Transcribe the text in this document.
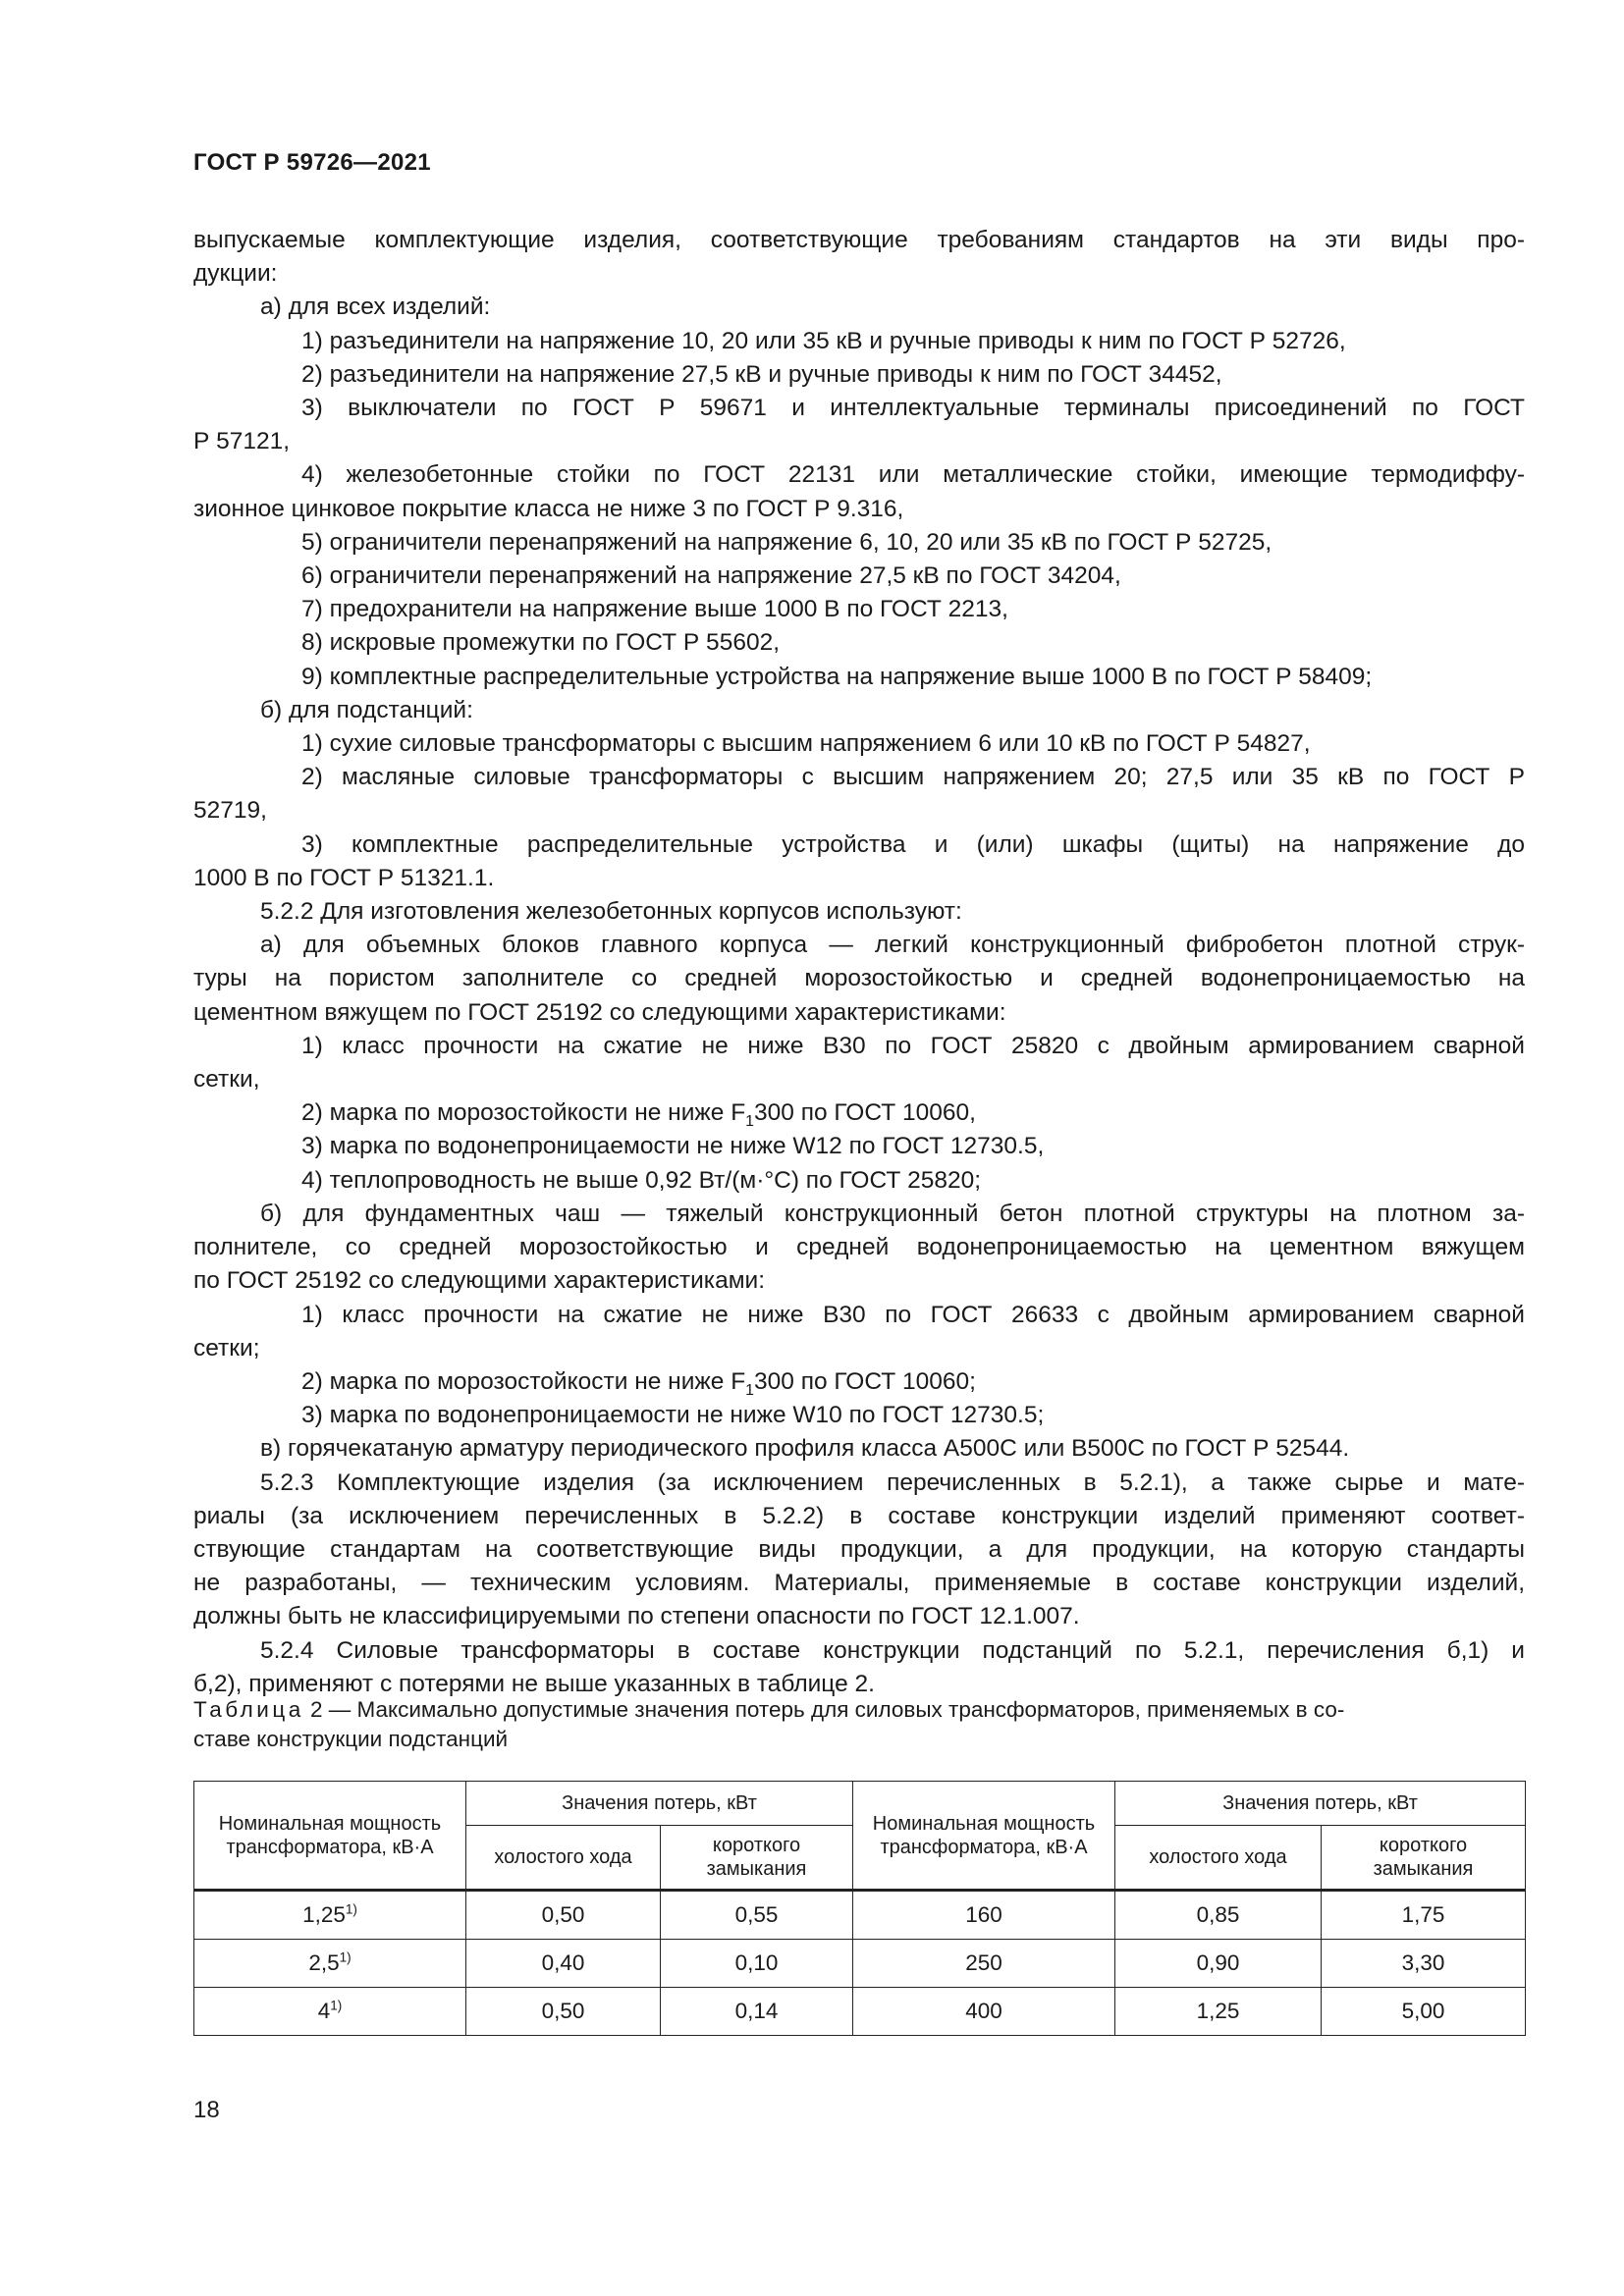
ГОСТ Р 59726—2021

выпускаемые комплектующие изделия, соответствующие требованиям стандартов на эти виды про-

дукции:

а) для всех изделий:

1) разъединители на напряжение 10, 20 или 35 кВ и ручные приводы к ним по ГОСТ Р 52726,

2) разъединители на напряжение 27,5 кВ и ручные приводы к ним по ГОСТ 34452,

3) выключатели по ГОСТ Р 59671 и интеллектуальные терминалы присоединений по ГОСТ

Р 57121,

4) железобетонные стойки по ГОСТ 22131 или металлические стойки, имеющие термодиффу-

зионное цинковое покрытие класса не ниже 3 по ГОСТ Р 9.316,

5) ограничители перенапряжений на напряжение 6, 10, 20 или 35 кВ по ГОСТ Р 52725,

6) ограничители перенапряжений на напряжение 27,5 кВ по ГОСТ 34204,

7) предохранители на напряжение выше 1000 В по ГОСТ 2213,

8) искровые промежутки по ГОСТ Р 55602,

9) комплектные распределительные устройства на напряжение выше 1000 В по ГОСТ Р 58409;

б) для подстанций:

1) сухие силовые трансформаторы с высшим напряжением 6 или 10 кВ по ГОСТ Р 54827,

2) масляные силовые трансформаторы с высшим напряжением 20; 27,5 или 35 кВ по ГОСТ Р

52719,

3) комплектные распределительные устройства и (или) шкафы (щиты) на напряжение до

1000 В по ГОСТ Р 51321.1.

5.2.2 Для изготовления железобетонных корпусов используют:

а) для объемных блоков главного корпуса — легкий конструкционный фибробетон плотной струк-

туры на пористом заполнителе со средней морозостойкостью и средней водонепроницаемостью на

цементном вяжущем по ГОСТ 25192 со следующими характеристиками:

1) класс прочности на сжатие не ниже В30 по ГОСТ 25820 с двойным армированием сварной

сетки,

2) марка по морозостойкости не ниже $F_1300$ по ГОСТ 10060,

3) марка по водонепроницаемости не ниже W12 по ГОСТ 12730.5,

4) теплопроводность не выше 0,92 Вт/(м·°С) по ГОСТ 25820;

б) для фундаментных чаш — тяжелый конструкционный бетон плотной структуры на плотном за-

полнителе, со средней морозостойкостью и средней водонепроницаемостью на цементном вяжущем

по ГОСТ 25192 со следующими характеристиками:

1) класс прочности на сжатие не ниже В30 по ГОСТ 26633 с двойным армированием сварной

сетки;

2) марка по морозостойкости не ниже $F_1300$ по ГОСТ 10060;

3) марка по водонепроницаемости не ниже W10 по ГОСТ 12730.5;

в) горячекатаную арматуру периодического профиля класса А500С или В500С по ГОСТ Р 52544.

5.2.3 Комплектующие изделия (за исключением перечисленных в 5.2.1), а также сырье и мате-

риалы (за исключением перечисленных в 5.2.2) в составе конструкции изделий применяют соответ-

ствующие стандартам на соответствующие виды продукции, а для продукции, на которую стандарты

не разработаны, — техническим условиям. Материалы, применяемые в составе конструкции изделий,

должны быть не классифицируемыми по степени опасности по ГОСТ 12.1.007.

5.2.4 Силовые трансформаторы в составе конструкции подстанций по 5.2.1, перечисления б,1) и

б,2), применяют с потерями не выше указанных в таблице 2.

Таблица 2 — Максимально допустимые значения потерь для силовых трансформаторов, применяемых в со-
ставе конструкции подстанций
Номинальная мощность трансформатора, кВ·А	Значения потерь, кВт		Номинальная мощность трансформатора, кВ·А	Значения потерь, кВт	
	холостого хода	короткого замыкания		холостого хода	короткого замыкания
1,25$^{1)}$	0,50	0,55	160	0,85	1,75
2,5$^{1)}$	0,40	0,10	250	0,90	3,30
4$^{1)}$	0,50	0,14	400	1,25	5,00
18
